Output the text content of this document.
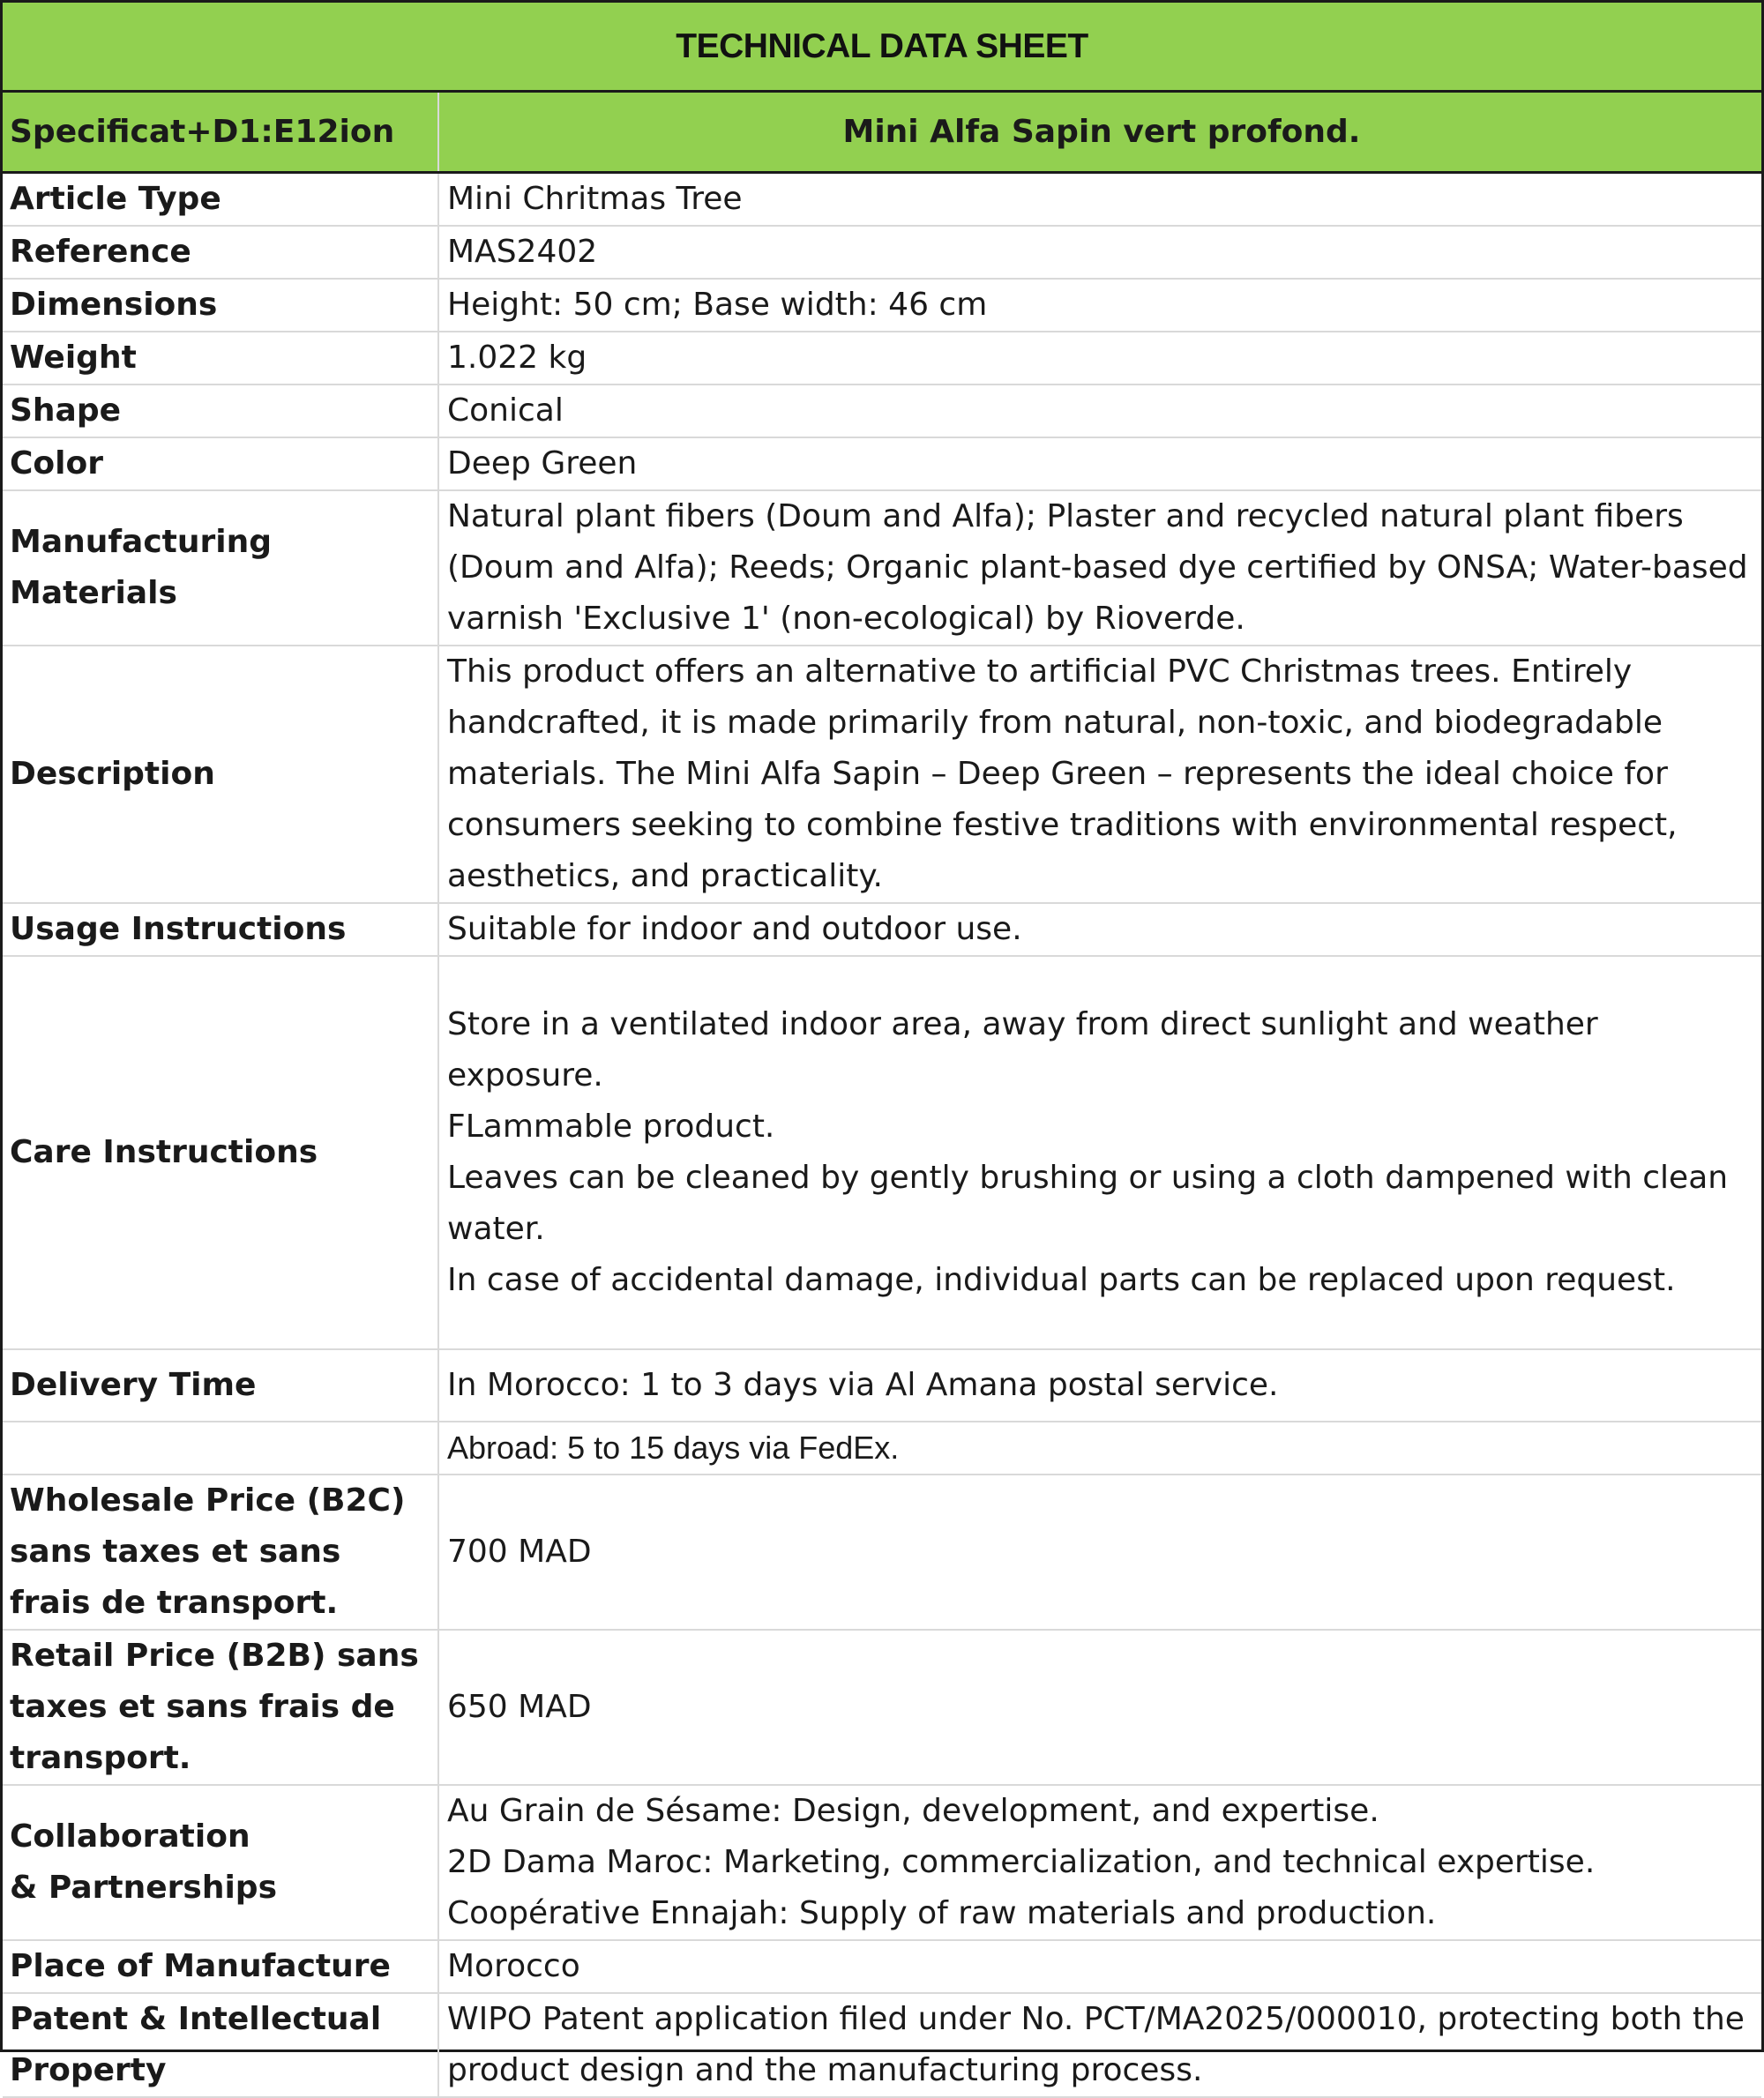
TECHNICAL DATA SHEET
Specificat+D1:E12ion	Mini Alfa Sapin vert profond.
Article Type	Mini Chritmas Tree
Reference	MAS2402
Dimensions	Height: 50 cm; Base width: 46 cm
Weight	1.022 kg
Shape	Conical
Color	Deep Green
Manufacturing Materials	Natural plant fibers (Doum and Alfa); Plaster and recycled natural plant fibers (Doum and Alfa); Reeds; Organic plant-based dye certified by ONSA; Water-based varnish 'Exclusive 1' (non-ecological) by Rioverde.
Description	This product offers an alternative to artificial PVC Christmas trees. Entirely handcrafted, it is made primarily from natural, non-toxic, and biodegradable materials. The Mini Alfa Sapin – Deep Green – represents the ideal choice for consumers seeking to combine festive traditions with environmental respect, aesthetics, and practicality.
Usage Instructions	Suitable for indoor and outdoor use.
Care Instructions	Store in a ventilated indoor area, away from direct sunlight and weather exposure.
FLammable product.
Leaves can be cleaned by gently brushing or using a cloth dampened with clean water.
In case of accidental damage, individual parts can be replaced upon request.

Delivery Time	In Morocco: 1 to 3 days via Al Amana postal service.
	Abroad: 5 to 15 days via FedEx.
Wholesale Price (B2C) sans taxes et sans frais de transport.	700 MAD
Retail Price (B2B) sans taxes et sans frais de transport.	650 MAD

Collaboration
& Partnerships	Au Grain de Sésame: Design, development, and expertise.
2D Dama Maroc: Marketing, commercialization, and technical expertise.
Coopérative Ennajah: Supply of raw materials and production.

Place of Manufacture	Morocco
Patent & Intellectual Property	WIPO Patent application filed under No. PCT/MA2025/000010, protecting both the product design and the manufacturing process.
